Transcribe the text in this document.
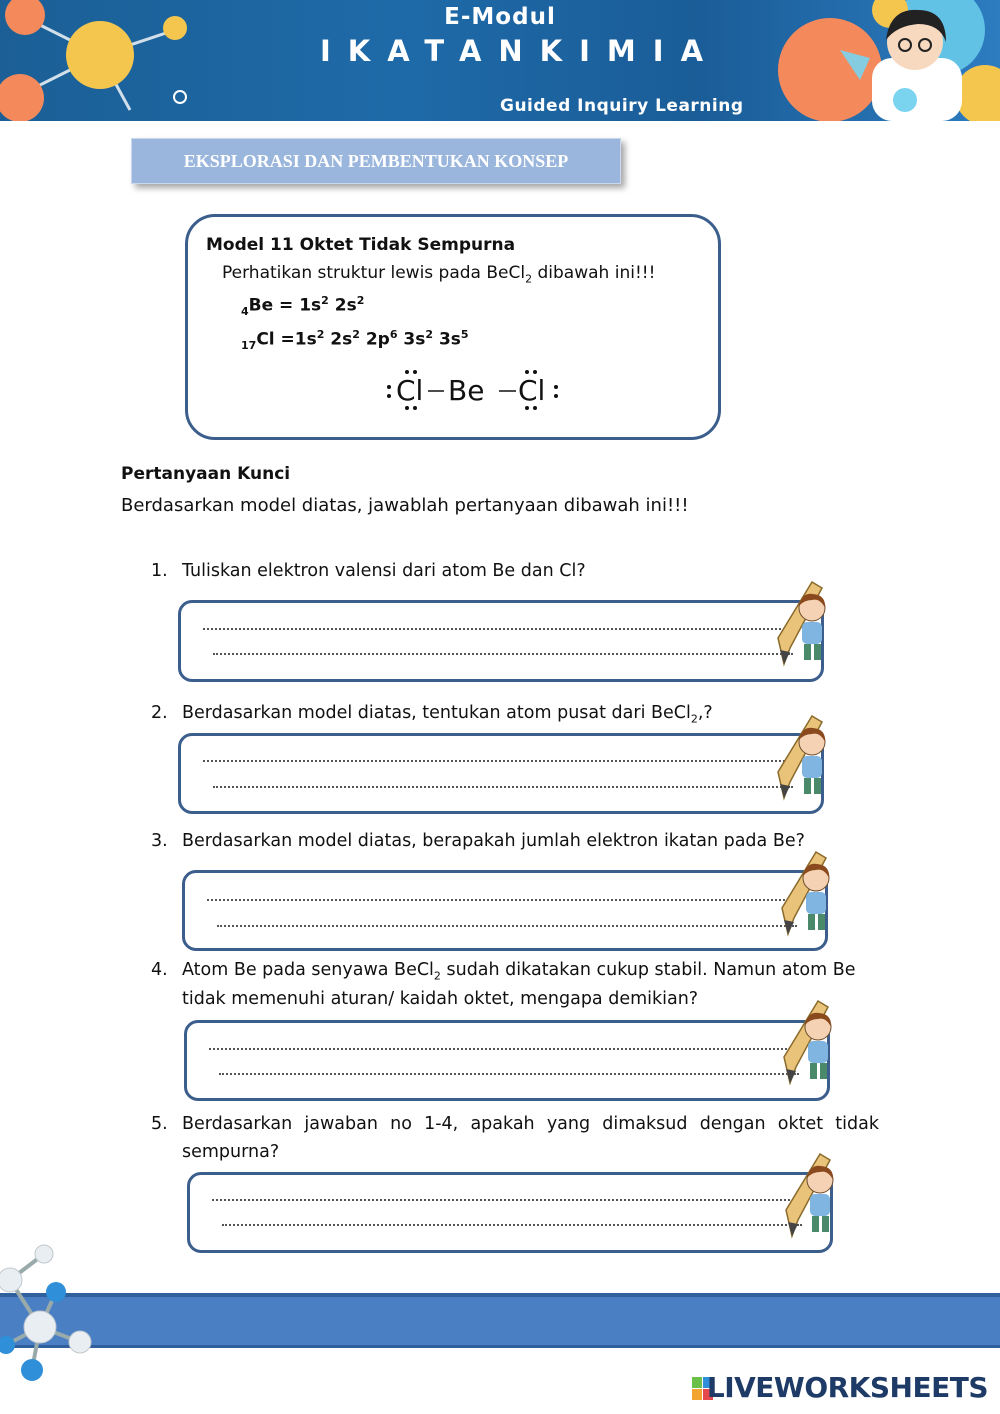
E-Modul
IKATANKIMIA
Guided Inquiry Learning
EKSPLORASI DAN PEMBENTUKAN KONSEP
Model 11 Oktet Tidak Sempurna
Perhatikan struktur lewis pada BeCl$_2$ dibawah ini!!!
$_4Be = 1s^2$ $2s^2$
$_{17}Cl =1s^2$ $2s^2$ $2p^6$ $3s^2$ $3s^5$
Cl Be Cl
Pertanyaan Kunci
Berdasarkan model diatas, jawablah pertanyaan dibawah ini!!!
1. Tuliskan elektron valensi dari atom Be dan Cl?
2. Berdasarkan model diatas, tentukan atom pusat dari BeCl$_2$,?
3. Berdasarkan model diatas, berapakah jumlah elektron ikatan pada Be?
4. Atom Be pada senyawa BeCl$_2$ sudah dikatakan cukup stabil. Namun atom Be
tidak memenuhi aturan/ kaidah oktet, mengapa demikian?
5. Berdasarkan jawaban no 1-4, apakah yang dimaksud dengan oktet tidak
sempurna?
LIVEWORKSHEETS
